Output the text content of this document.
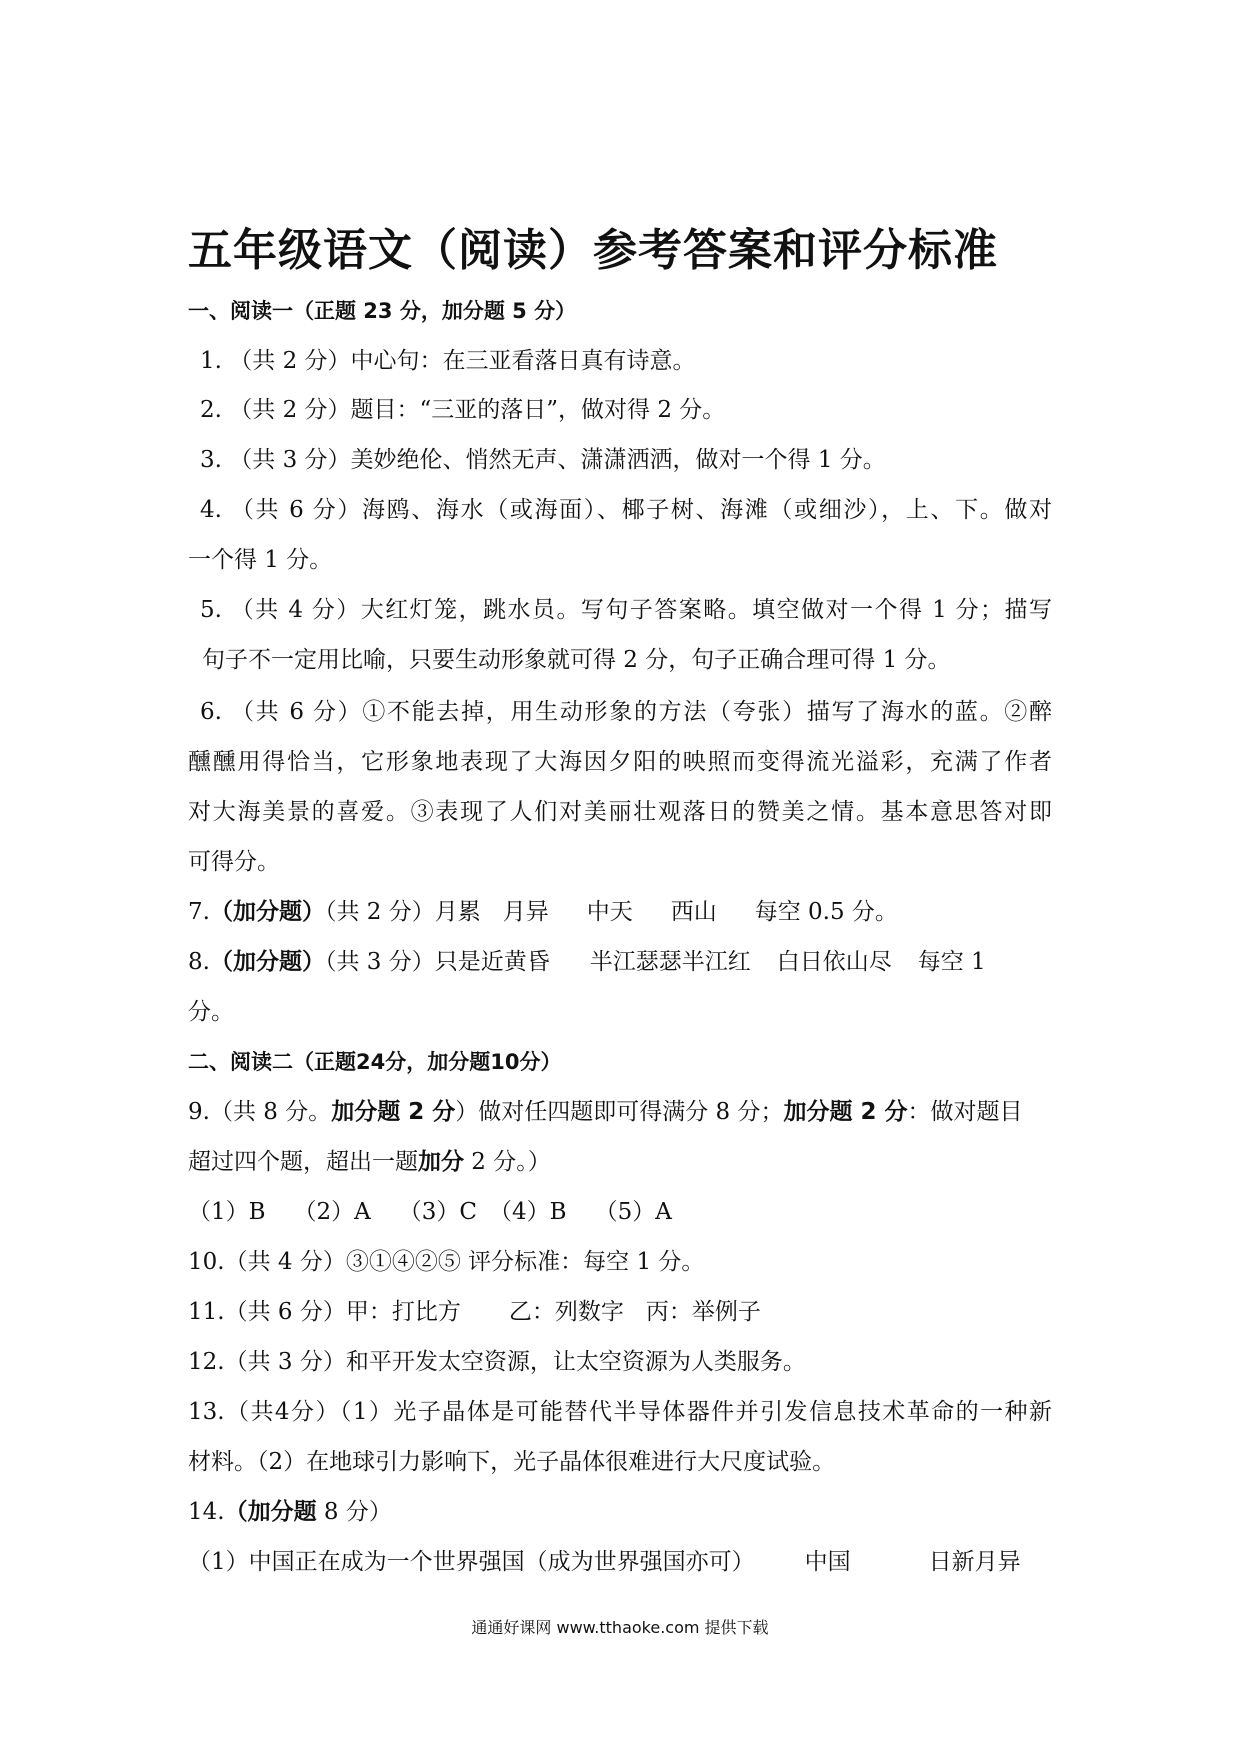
五年级语文（阅读）参考答案和评分标准
一、阅读一（正题 23 分，加分题 5 分）
1. （共 2 分）中心句：在三亚看落日真有诗意。
2. （共 2 分）题目：“三亚的落日”，做对得 2 分。
3. （共 3 分）美妙绝伦、悄然无声、潇潇洒洒，做对一个得 1 分。
4. （共 6 分）海鸥、海水（或海面）、椰子树、海滩（或细沙），上、下。做对
一个得 1 分。
5. （共 4 分）大红灯笼，跳水员。写句子答案略。填空做对一个得 1 分；描写
句子不一定用比喻，只要生动形象就可得 2 分，句子正确合理可得 1 分。
6. （共 6 分）①不能去掉，用生动形象的方法（夸张）描写了海水的蓝。②醉
醺醺用得恰当，它形象地表现了大海因夕阳的映照而变得流光溢彩，充满了作者
对大海美景的喜爱。③表现了人们对美丽壮观落日的赞美之情。基本意思答对即
可得分。
7.（加分题）（共 2 分）月累 月异 中天 西山 每空 0.5 分。
8.（加分题）（共 3 分）只是近黄昏 半江瑟瑟半江红 白日依山尽 每空 1
分。
二、阅读二（正题24分，加分题10分）
9.（共 8 分。加分题 2 分）做对任四题即可得满分 8 分；加分题 2 分：做对题目
超过四个题，超出一题加分 2 分。）
（1）B （2）A （3）C （4）B （5）A
10.（共 4 分）③①④②⑤ 评分标准：每空 1 分。
11.（共 6 分）甲：打比方 乙：列数字 丙：举例子
12.（共 3 分）和平开发太空资源，让太空资源为人类服务。
13.（共4分）（1）光子晶体是可能替代半导体器件并引发信息技术革命的一种新
材料。（2）在地球引力影响下，光子晶体很难进行大尺度试验。
14.（加分题 8 分）
（1）中国正在成为一个世界强国（成为世界强国亦可） 中国	日新月异
通通好课网 www.tthaoke.com 提供下载
